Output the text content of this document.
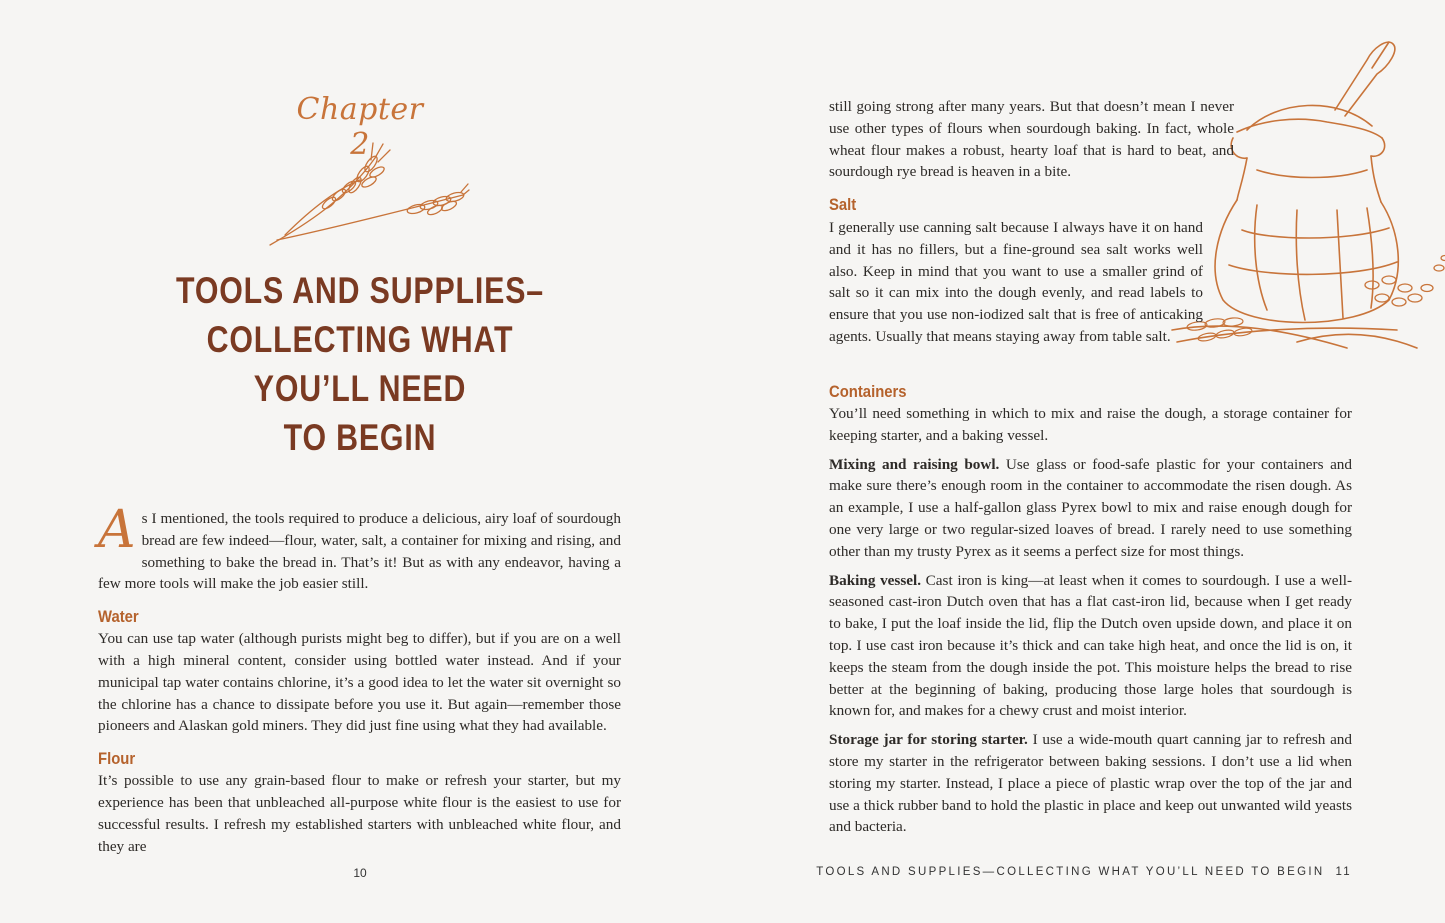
Chapter 2
TOOLS AND SUPPLIES–
COLLECTING WHAT YOU’LL NEED
TO BEGIN

As I mentioned, the tools required to produce a delicious, airy loaf of sourdough bread are few indeed—flour, water, salt, a container for mixing and rising, and something to bake the bread in. That’s it! But as with any endeavor, having a few more tools will make the job easier still.

Water

You can use tap water (although purists might beg to differ), but if you are on a well with a high mineral content, consider using bottled water instead. And if your municipal tap water contains chlorine, it’s a good idea to let the water sit overnight so the chlorine has a chance to dissipate before you use it. But again—remember those pioneers and Alaskan gold miners. They did just fine using what they had available.

Flour

It’s possible to use any grain-based flour to make or refresh your starter, but my experience has been that unbleached all-purpose white flour is the easiest to use for successful results. I refresh my established starters with unbleached white flour, and they are

10

still going strong after many years. But that doesn’t mean I never use other types of flours when sourdough baking. In fact, whole wheat flour makes a robust, hearty loaf that is hard to beat, and sourdough rye bread is heaven in a bite.

Salt

I generally use canning salt because I always have it on hand and it has no fillers, but a fine-ground sea salt works well also. Keep in mind that you want to use a smaller grind of salt so it can mix into the dough evenly, and read labels to ensure that you use non-iodized salt that is free of anticaking agents. Usually that means staying away from table salt.

Containers

You’ll need something in which to mix and raise the dough, a storage container for keeping starter, and a baking vessel.

Mixing and raising bowl. Use glass or food-safe plastic for your containers and make sure there’s enough room in the container to accommodate the risen dough. As an example, I use a half-gallon glass Pyrex bowl to mix and raise enough dough for one very large or two regular-sized loaves of bread. I rarely need to use something other than my trusty Pyrex as it seems a perfect size for most things.

Baking vessel. Cast iron is king—at least when it comes to sourdough. I use a well-seasoned cast-iron Dutch oven that has a flat cast-iron lid, because when I get ready to bake, I put the loaf inside the lid, flip the Dutch oven upside down, and place it on top. I use cast iron because it’s thick and can take high heat, and once the lid is on, it keeps the steam from the dough inside the pot. This moisture helps the bread to rise better at the beginning of baking, producing those large holes that sourdough is known for, and makes for a chewy crust and moist interior.

Storage jar for storing starter. I use a wide-mouth quart canning jar to refresh and store my starter in the refrigerator between baking sessions. I don’t use a lid when storing my starter. Instead, I place a piece of plastic wrap over the top of the jar and use a thick rubber band to hold the plastic in place and keep out unwanted wild yeasts and bacteria.

TOOLS AND SUPPLIES—COLLECTING WHAT YOU’LL NEED TO BEGIN 11
